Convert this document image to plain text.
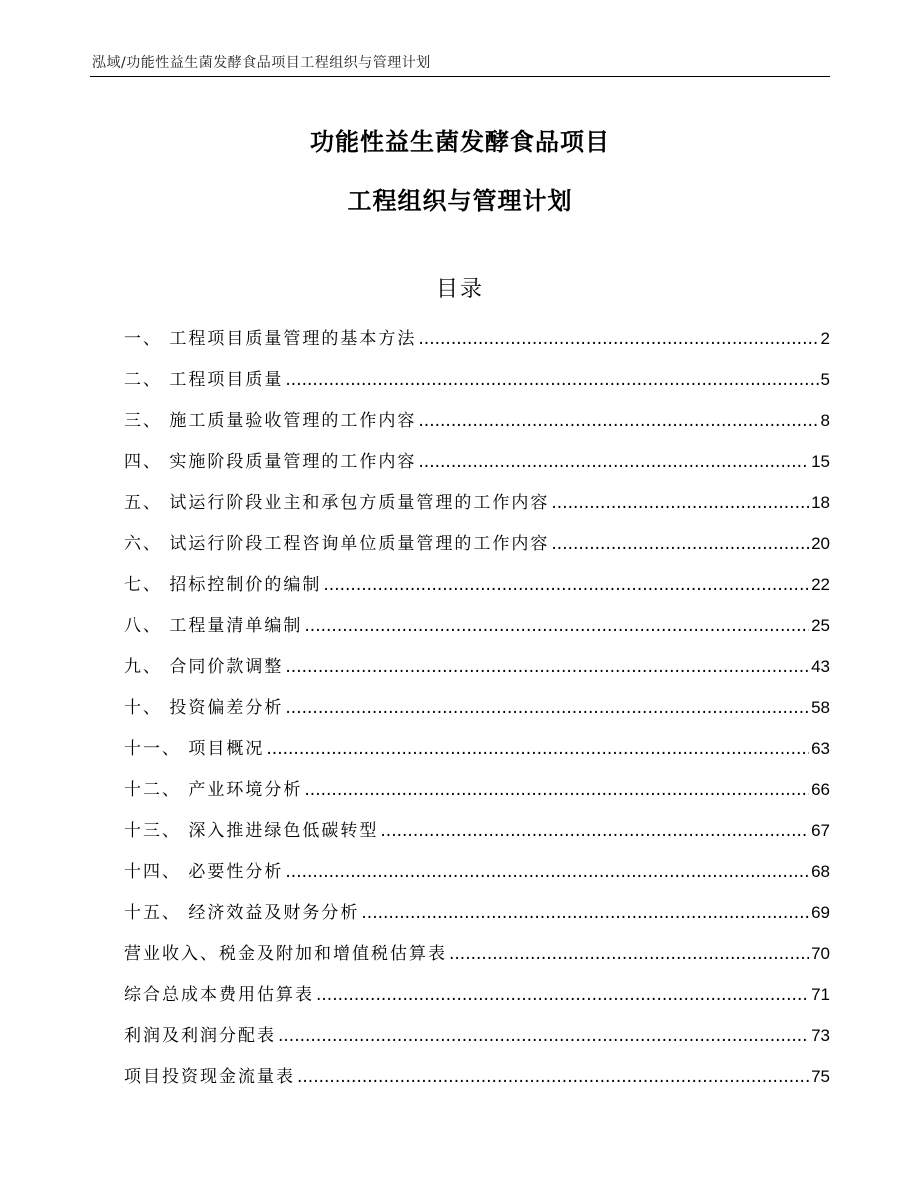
泓域/功能性益生菌发酵食品项目工程组织与管理计划
功能性益生菌发酵食品项目
工程组织与管理计划
目录
一、 工程项目质量管理的基本方法 .....	2
二、 工程项目质量 .....	5
三、 施工质量验收管理的工作内容 .....	8
四、 实施阶段质量管理的工作内容 .....	15
五、 试运行阶段业主和承包方质量管理的工作内容 .....	18
六、 试运行阶段工程咨询单位质量管理的工作内容 .....	20
七、 招标控制价的编制 .....	22
八、 工程量清单编制 .....	25
九、 合同价款调整 .....	43
十、 投资偏差分析 .....	58
十一、 项目概况 .....	63
十二、 产业环境分析 .....	66
十三、 深入推进绿色低碳转型 .....	67
十四、 必要性分析 .....	68
十五、 经济效益及财务分析 .....	69
营业收入、税金及附加和增值税估算表 .....	70
综合总成本费用估算表 .....	71
利润及利润分配表 .....	73
项目投资现金流量表 .....	75
